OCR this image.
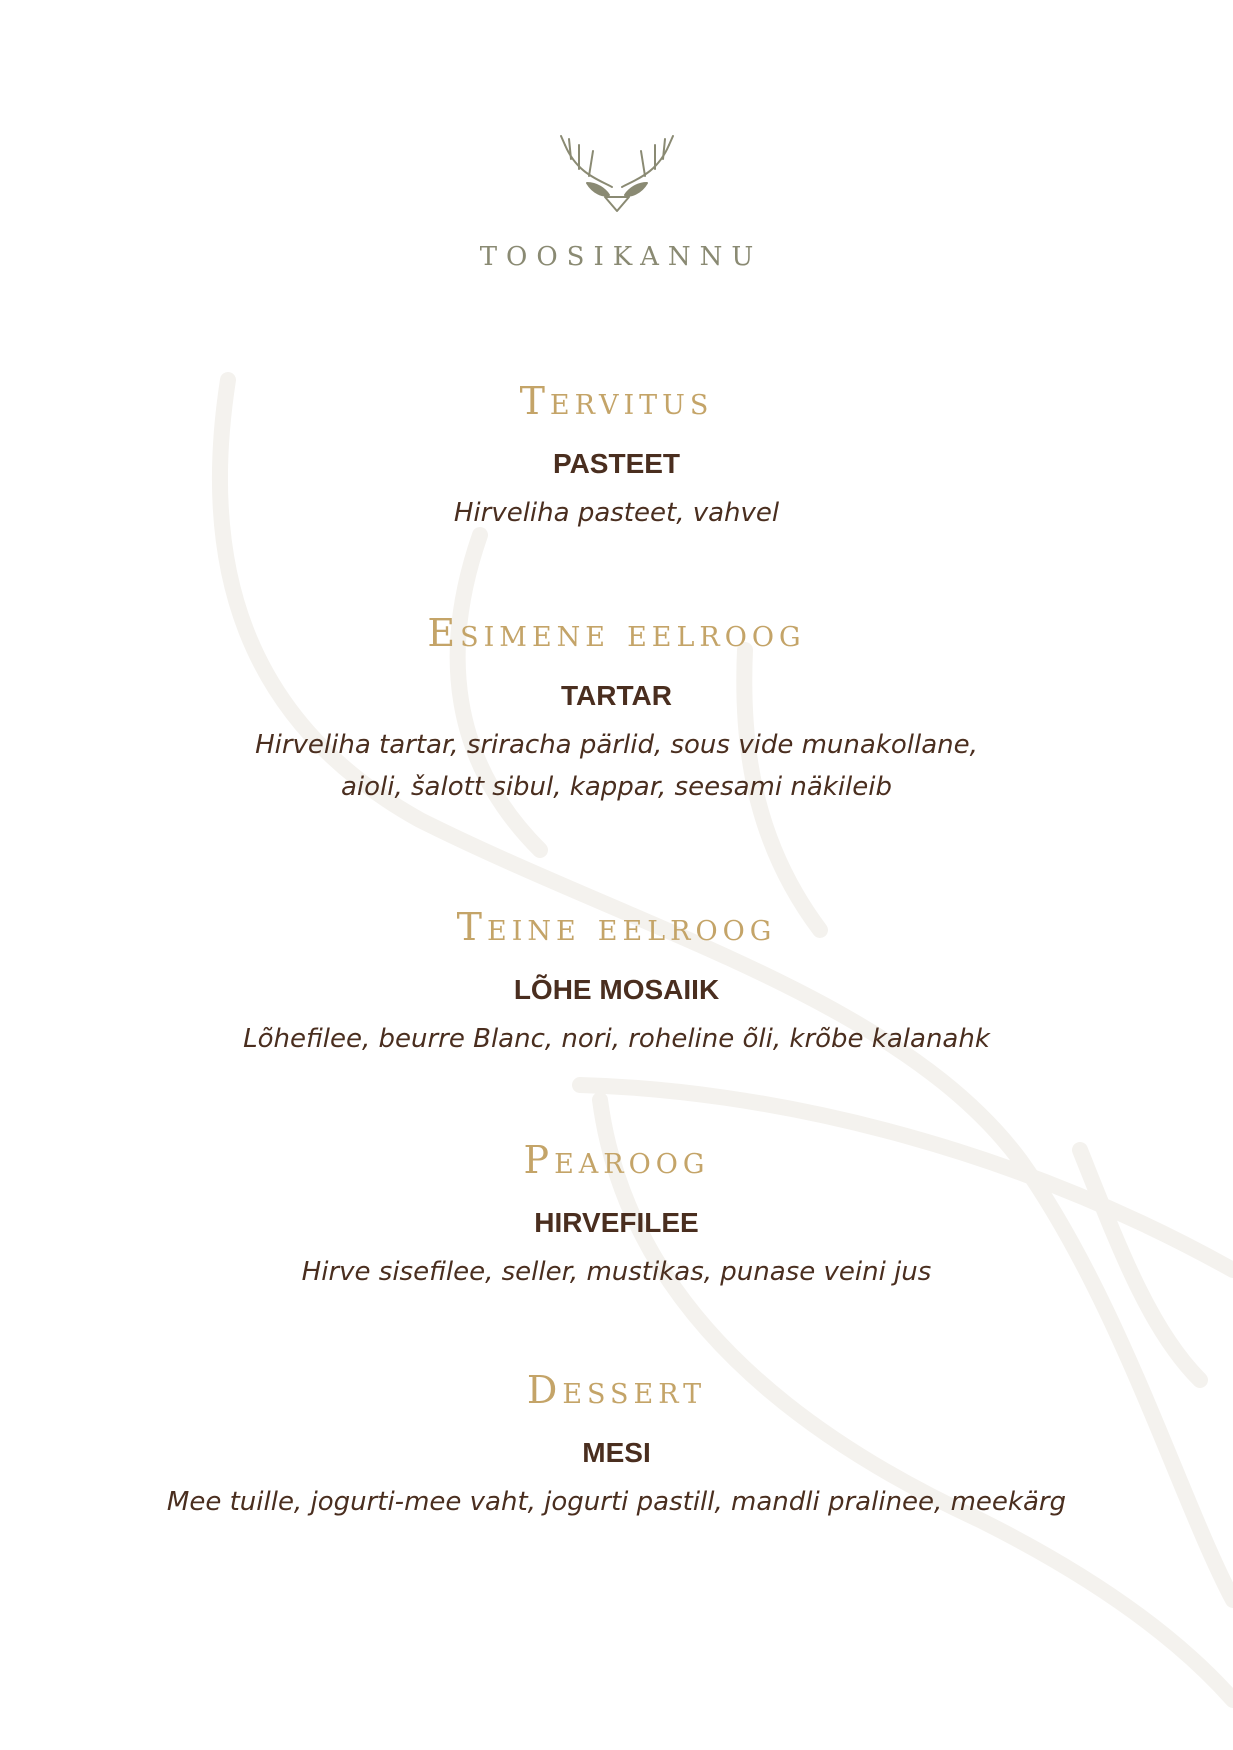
TOOSIKANNU
Tervitus
PASTEET
Hirveliha pasteet, vahvel
Esimene eelroog
TARTAR
Hirveliha tartar, sriracha pärlid, sous vide munakollane,
aioli, šalott sibul, kappar, seesami näkileib
Teine eelroog
LÕHE MOSAIIK
Lõhefilee, beurre Blanc, nori, roheline õli, krõbe kalanahk
Pearoog
HIRVEFILEE
Hirve sisefilee, seller, mustikas, punase veini jus
Dessert
MESI
Mee tuille, jogurti-mee vaht, jogurti pastill, mandli pralinee, meekärg
